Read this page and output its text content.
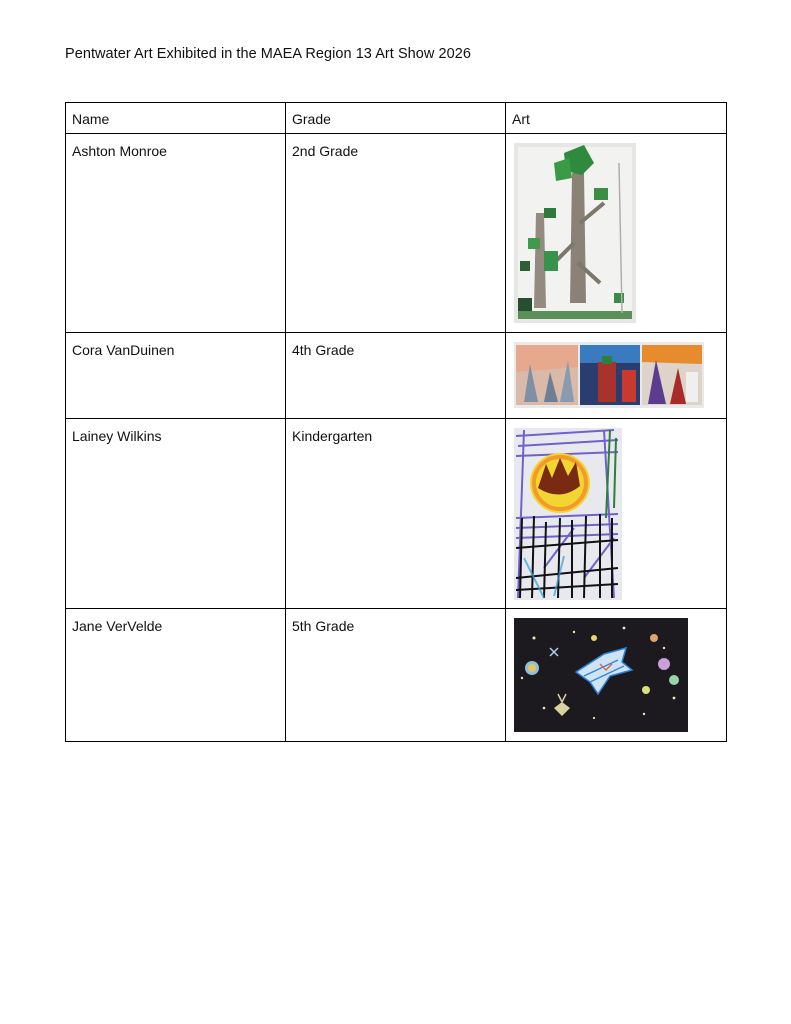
Pentwater Art Exhibited in the MAEA Region 13 Art Show 2026
Name	Grade	Art

Ashton Monroe	2nd Grade

Cora VanDuinen	4th Grade

Lainey Wilkins	Kindergarten

Jane VerVelde	5th Grade
